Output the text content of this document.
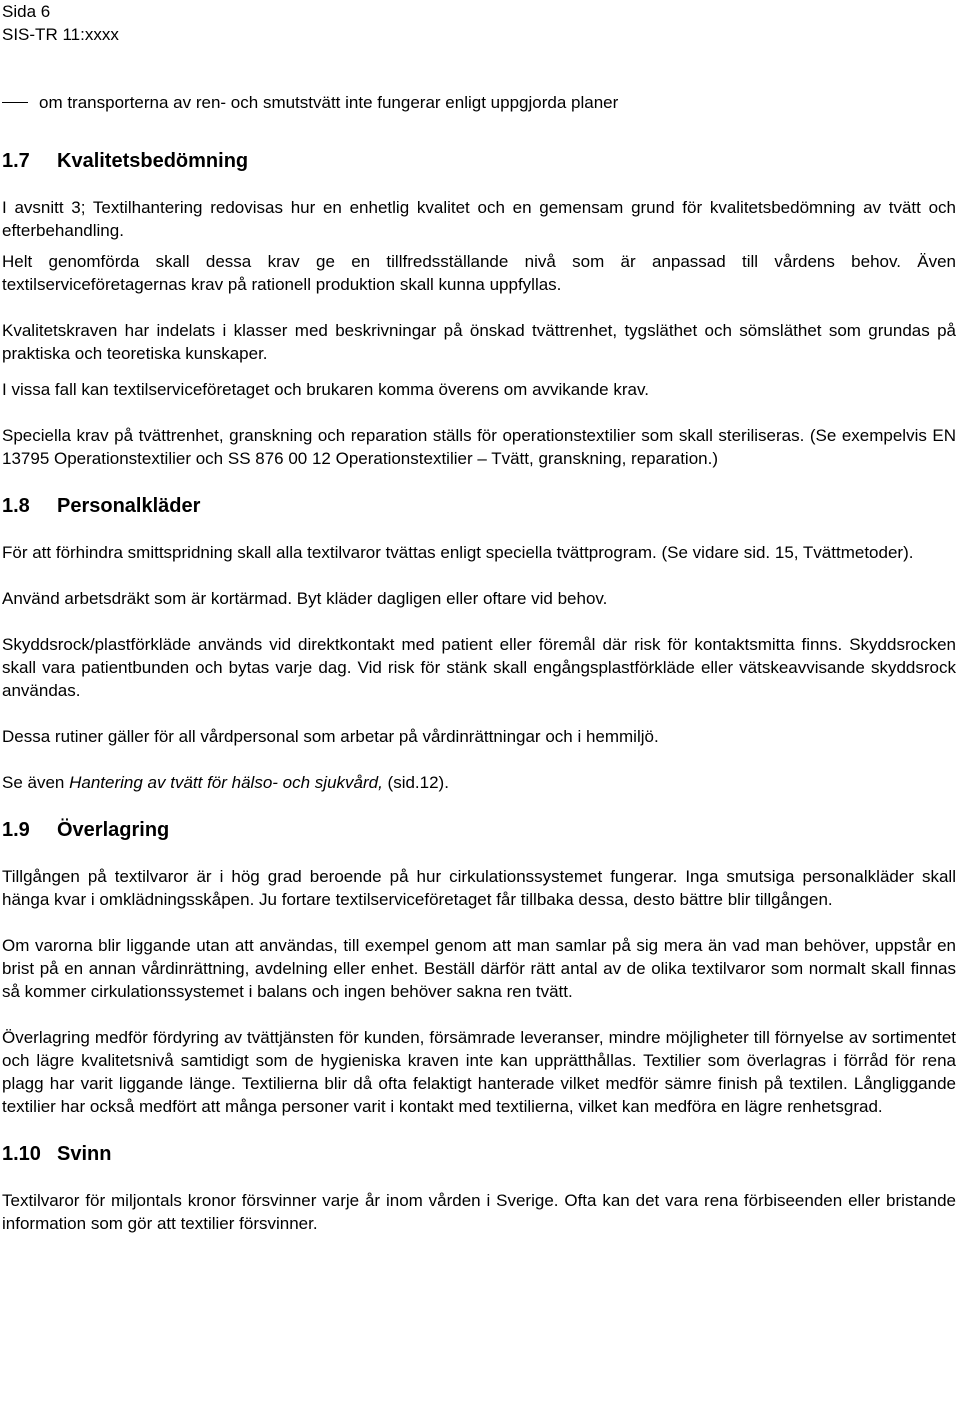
Sida 6
SIS-TR 11:xxxx
om transporterna av ren- och smutstvätt inte fungerar enligt uppgjorda planer
1.7	Kvalitetsbedömning

I avsnitt 3; Textilhantering redovisas hur en enhetlig kvalitet och en gemensam grund för kvalitetsbedömning av tvätt och efterbehandling.

Helt genomförda skall dessa krav ge en tillfredsställande nivå som är anpassad till vårdens behov. Även textilserviceföretagernas krav på rationell produktion skall kunna uppfyllas.

Kvalitetskraven har indelats i klasser med beskrivningar på önskad tvättrenhet, tygsläthet och sömsläthet som grundas på praktiska och teoretiska kunskaper.

I vissa fall kan textilserviceföretaget och brukaren komma överens om avvikande krav.

Speciella krav på tvättrenhet, granskning och reparation ställs för operationstextilier som skall steriliseras. (Se exempelvis EN 13795 Operationstextilier och SS 876 00 12 Operationstextilier – Tvätt, granskning, reparation.)

1.8	Personalkläder

För att förhindra smittspridning skall alla textilvaror tvättas enligt speciella tvättprogram. (Se vidare sid. 15, Tvättmetoder).

Använd arbetsdräkt som är kortärmad. Byt kläder dagligen eller oftare vid behov.

Skyddsrock/plastförkläde används vid direktkontakt med patient eller föremål där risk för kontaktsmitta finns. Skyddsrocken skall vara patientbunden och bytas varje dag. Vid risk för stänk skall engångsplastförkläde eller vätskeavvisande skyddsrock användas.

Dessa rutiner gäller för all vårdpersonal som arbetar på vårdinrättningar och i hemmiljö.

Se även Hantering av tvätt för hälso- och sjukvård, (sid.12).

1.9	Överlagring

Tillgången på textilvaror är i hög grad beroende på hur cirkulationssystemet fungerar. Inga smutsiga personalkläder skall hänga kvar i omklädningsskåpen. Ju fortare textilserviceföretaget får tillbaka dessa, desto bättre blir tillgången.

Om varorna blir liggande utan att användas, till exempel genom att man samlar på sig mera än vad man behöver, uppstår en brist på en annan vårdinrättning, avdelning eller enhet. Beställ därför rätt antal av de olika textilvaror som normalt skall finnas så kommer cirkulationssystemet i balans och ingen behöver sakna ren tvätt.

Överlagring medför fördyring av tvättjänsten för kunden, försämrade leveranser, mindre möjligheter till förnyelse av sortimentet och lägre kvalitetsnivå samtidigt som de hygieniska kraven inte kan upprätthållas. Textilier som överlagras i förråd för rena plagg har varit liggande länge. Textilierna blir då ofta felaktigt hanterade vilket medför sämre finish på textilen. Långliggande textilier har också medfört att många personer varit i kontakt med textilierna, vilket kan medföra en lägre renhetsgrad.

1.10 Svinn

Textilvaror för miljontals kronor försvinner varje år inom vården i Sverige. Ofta kan det vara rena förbiseenden eller bristande information som gör att textilier försvinner.
